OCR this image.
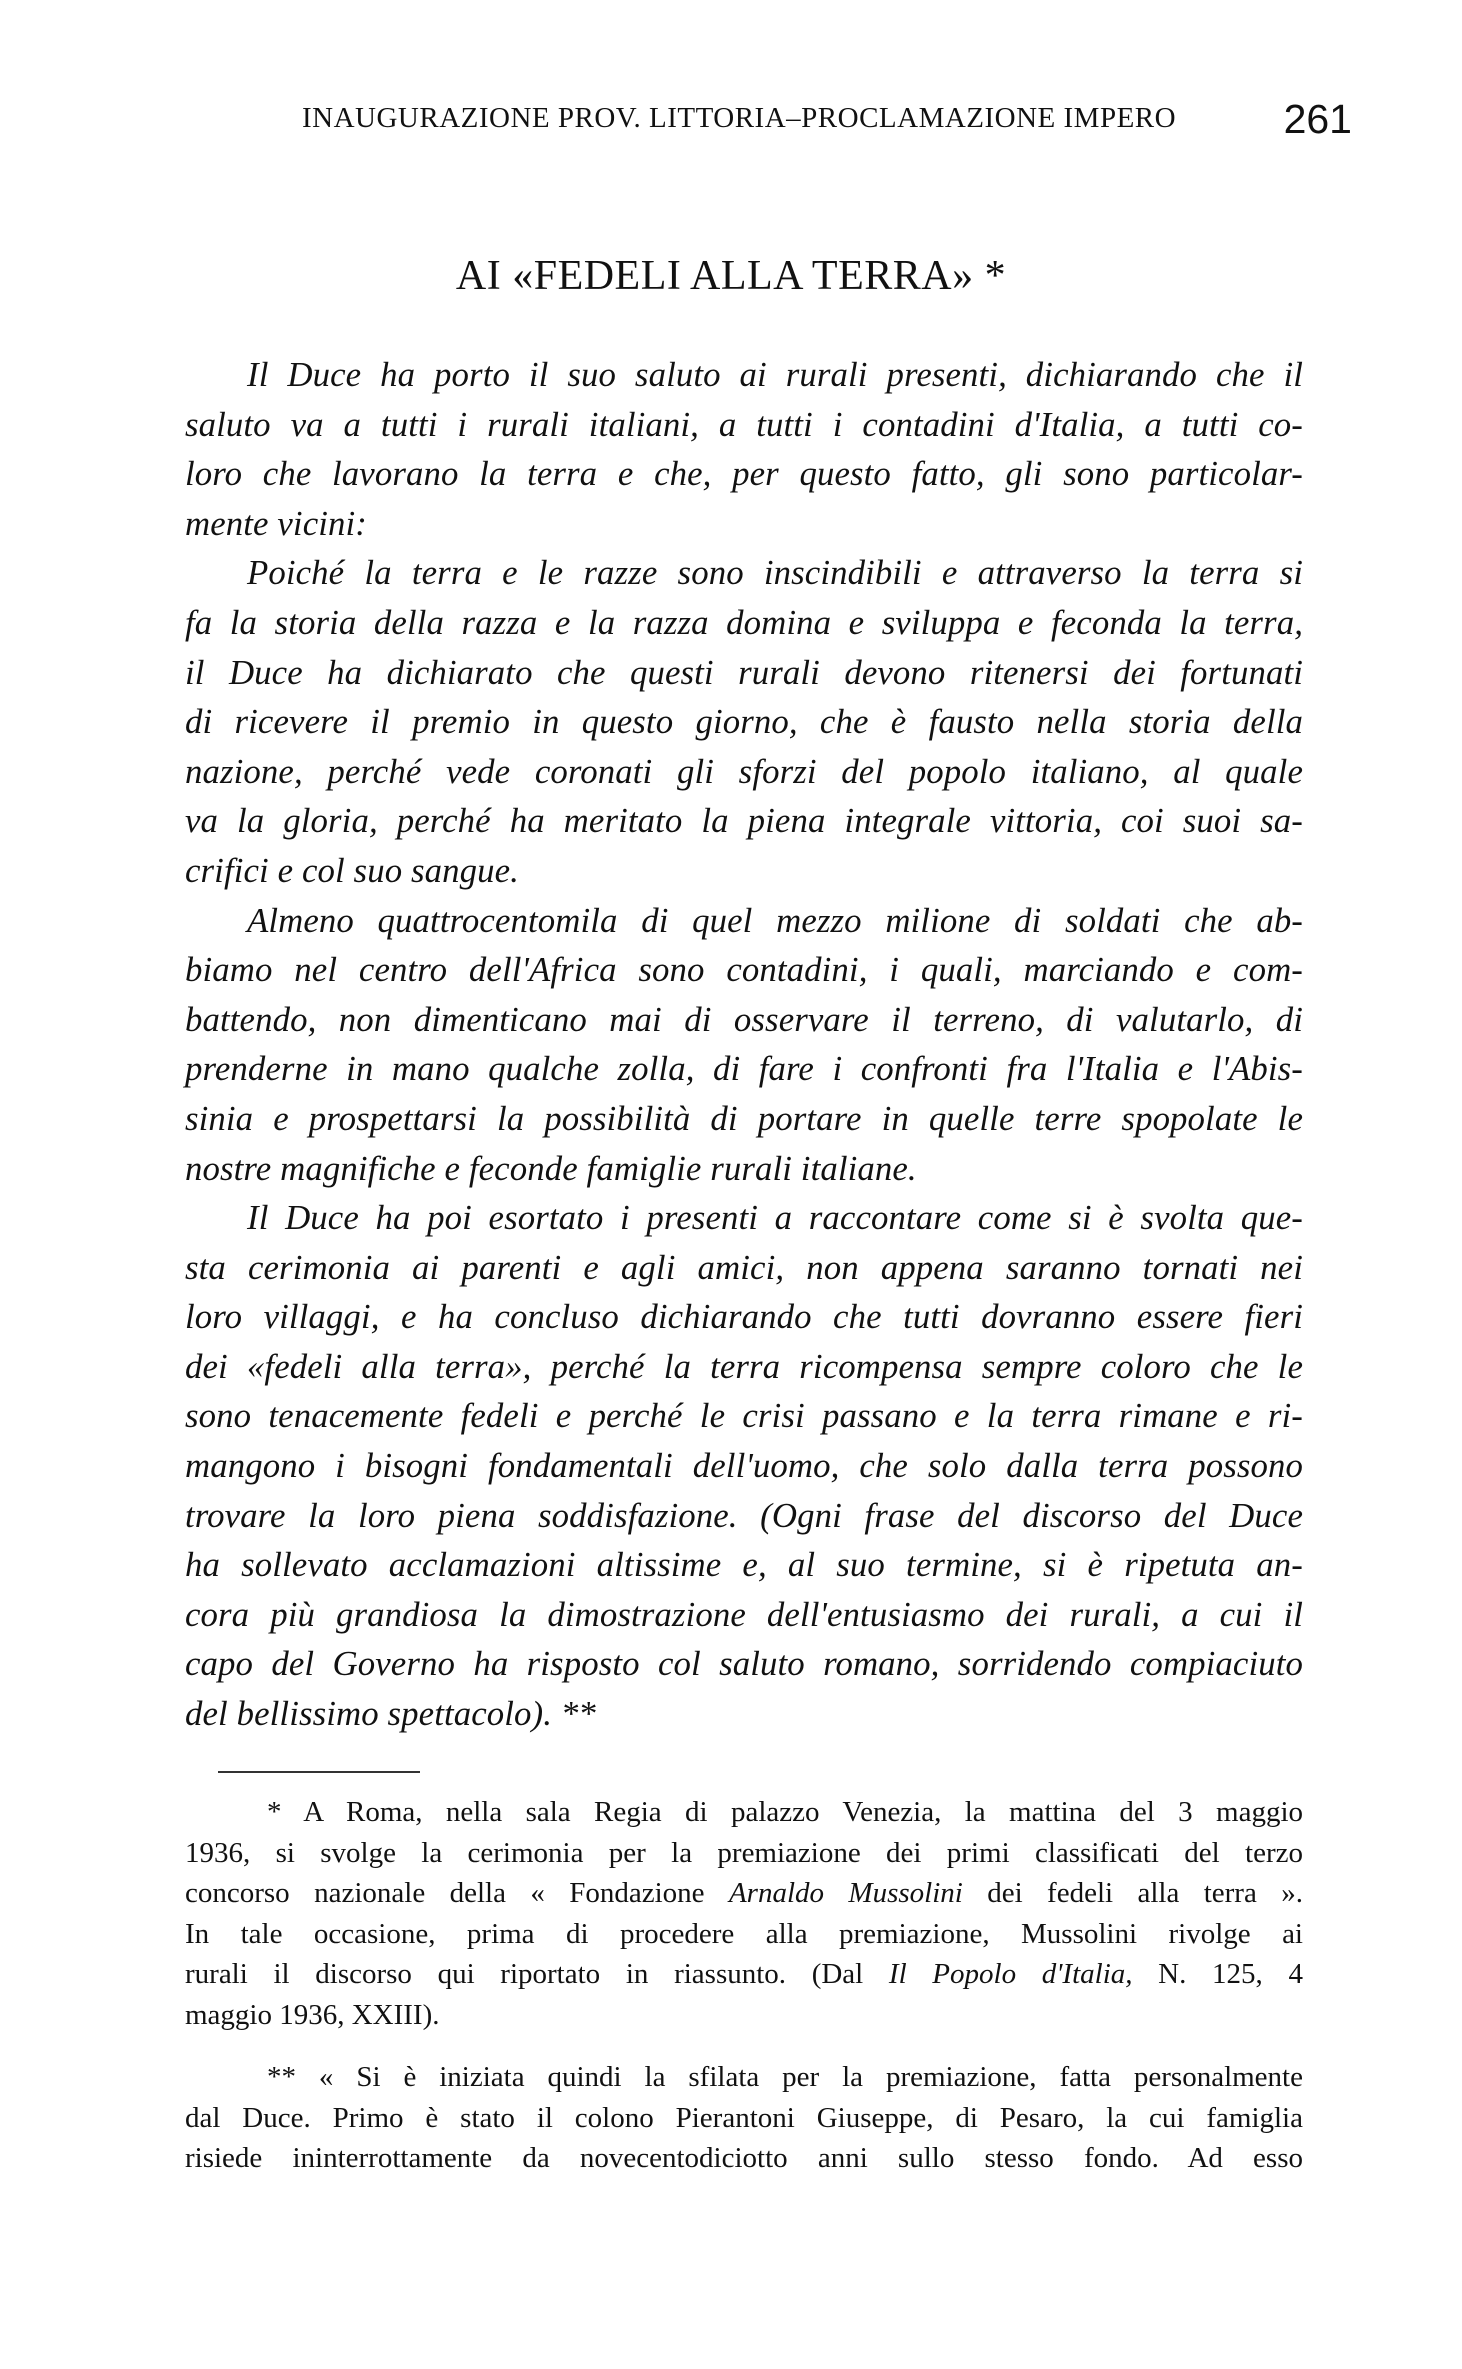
INAUGURAZIONE PROV. LITTORIA–PROCLAMAZIONE IMPERO	261
AI «FEDELI ALLA TERRA» *

Il Duce ha porto il suo saluto ai rurali presenti, dichiarando che il
saluto va a tutti i rurali italiani, a tutti i contadini d'Italia, a tutti co-
loro che lavorano la terra e che, per questo fatto, gli sono particolar-
mente vicini:

Poiché la terra e le razze sono inscindibili e attraverso la terra si
fa la storia della razza e la razza domina e sviluppa e feconda la terra,
il Duce ha dichiarato che questi rurali devono ritenersi dei fortunati
di ricevere il premio in questo giorno, che è fausto nella storia della
nazione, perché vede coronati gli sforzi del popolo italiano, al quale
va la gloria, perché ha meritato la piena integrale vittoria, coi suoi sa-
crifici e col suo sangue.

Almeno quattrocentomila di quel mezzo milione di soldati che ab-
biamo nel centro dell'Africa sono contadini, i quali, marciando e com-
battendo, non dimenticano mai di osservare il terreno, di valutarlo, di
prenderne in mano qualche zolla, di fare i confronti fra l'Italia e l'Abis-
sinia e prospettarsi la possibilità di portare in quelle terre spopolate le
nostre magnifiche e feconde famiglie rurali italiane.

Il Duce ha poi esortato i presenti a raccontare come si è svolta que-
sta cerimonia ai parenti e agli amici, non appena saranno tornati nei
loro villaggi, e ha concluso dichiarando che tutti dovranno essere fieri
dei «fedeli alla terra», perché la terra ricompensa sempre coloro che le
sono tenacemente fedeli e perché le crisi passano e la terra rimane e ri-
mangono i bisogni fondamentali dell'uomo, che solo dalla terra possono
trovare la loro piena soddisfazione. (Ogni frase del discorso del Duce
ha sollevato acclamazioni altissime e, al suo termine, si è ripetuta an-
cora più grandiosa la dimostrazione dell'entusiasmo dei rurali, a cui il
capo del Governo ha risposto col saluto romano, sorridendo compiaciuto
del bellissimo spettacolo). **

* A Roma, nella sala Regia di palazzo Venezia, la mattina del 3 maggio
1936, si svolge la cerimonia per la premiazione dei primi classificati del terzo
concorso nazionale della « Fondazione Arnaldo Mussolini dei fedeli alla terra ».
In tale occasione, prima di procedere alla premiazione, Mussolini rivolge ai
rurali il discorso qui riportato in riassunto. (Dal Il Popolo d'Italia, N. 125, 4
maggio 1936, XXIII).

** « Si è iniziata quindi la sfilata per la premiazione, fatta personalmente
dal Duce. Primo è stato il colono Pierantoni Giuseppe, di Pesaro, la cui famiglia
risiede ininterrottamente da novecentodiciotto anni sullo stesso fondo. Ad esso
